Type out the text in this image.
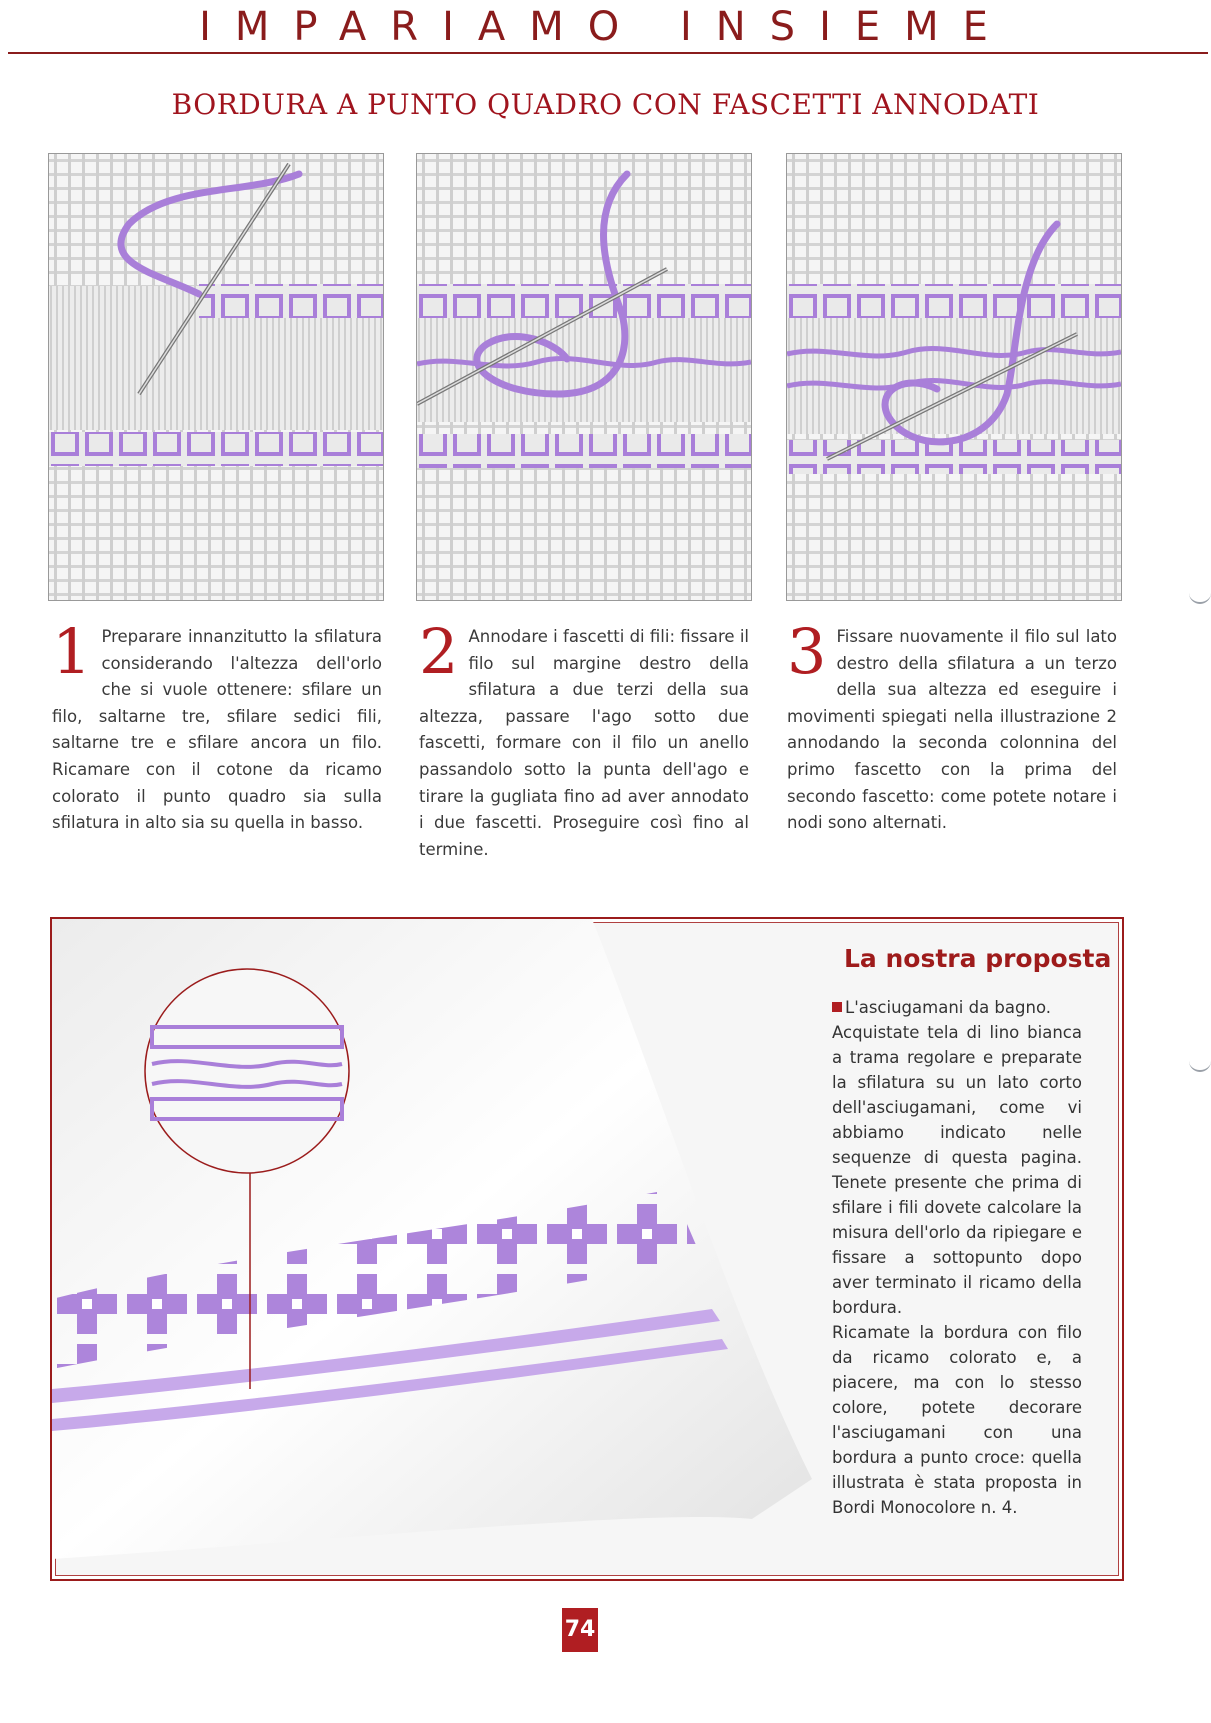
IMPARIAMO INSIEME
BORDURA A PUNTO QUADRO CON FASCETTI ANNODATI
1 Preparare innanzitutto la sfilatura considerando l'altezza dell'orlo che si vuole ottenere: sfilare un filo, saltarne tre, sfilare sedici fili, saltarne tre e sfilare ancora un filo. Ricamare con il cotone da ricamo colorato il punto quadro sia sulla sfilatura in alto sia su quella in basso.
2 Annodare i fascetti di fili: fissare il filo sul margine destro della sfilatura a due terzi della sua altezza, passare l'ago sotto due fascetti, formare con il filo un anello passandolo sotto la punta dell'ago e tirare la gugliata fino ad aver annodato i due fascetti. Proseguire così fino al termine.
3 Fissare nuovamente il filo sul lato destro della sfilatura a un terzo della sua altezza ed eseguire i movimenti spiegati nella illustrazione 2 annodando la seconda colonnina del primo fascetto con la prima del secondo fascetto: come potete notare i nodi sono alternati.
La nostra proposta

L'asciugamani da bagno.

Acquistate tela di lino bianca a trama regolare e preparate la sfilatura su un lato corto dell'asciugamani, come vi abbiamo indicato nelle sequenze di questa pagina. Tenete presente che prima di sfilare i fili dovete calcolare la misura dell'orlo da ripiegare e fissare a sottopunto dopo aver terminato il ricamo della bordura.

Ricamate la bordura con filo da ricamo colorato e, a piacere, ma con lo stesso colore, potete decorare l'asciugamani con una bordura a punto croce: quella illustrata è stata proposta in Bordi Monocolore n. 4.

74
